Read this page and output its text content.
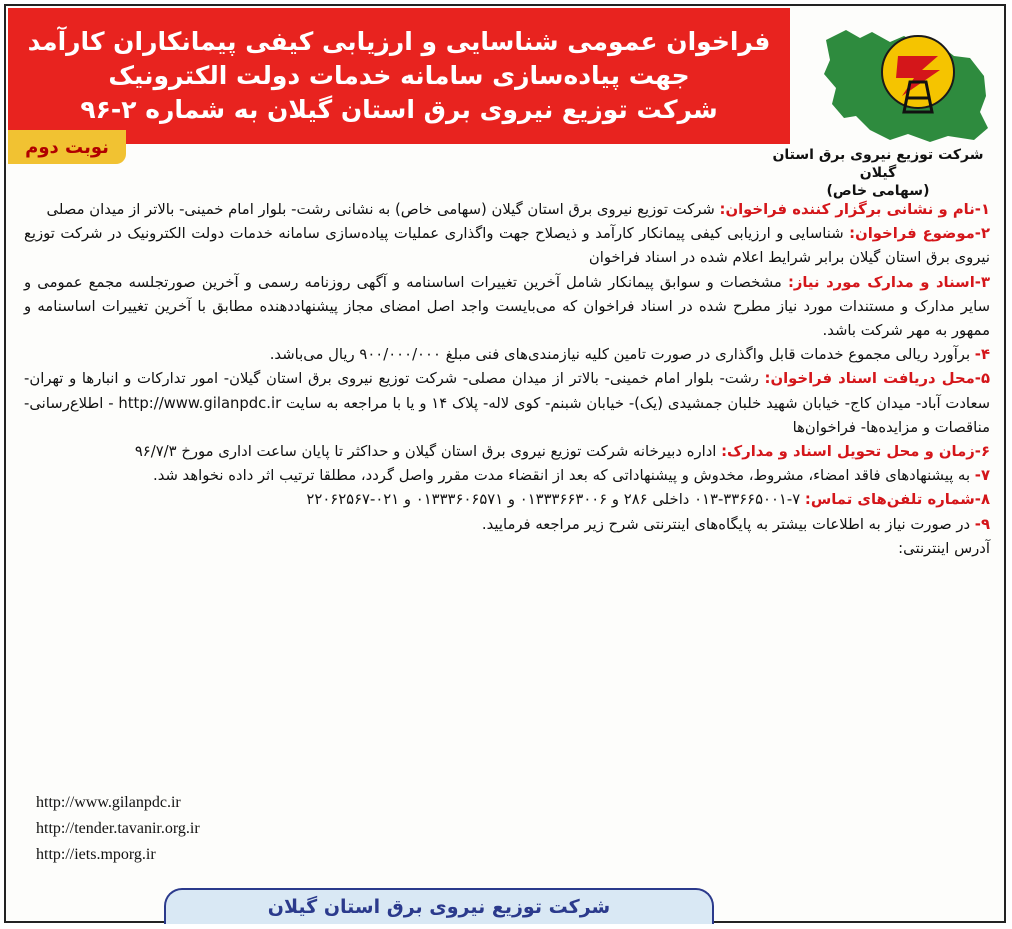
فراخوان عمومی شناسایی و ارزیابی کیفی پیمانکاران کارآمد
جهت پیاده‌سازی سامانه خدمات دولت الکترونیک
شرکت توزیع نیروی برق استان گیلان به شماره ۲-۹۶
نوبت دوم	شرکت توزیع نیروی برق استان گیلان
(سهامی خاص)

۱-نام و نشانی برگزار کننده فراخوان: شرکت توزیع نیروی برق استان گیلان (سهامی خاص) به نشانی رشت- بلوار امام خمینی- بالاتر از میدان مصلی

۲-موضوع فراخوان: شناسایی و ارزیابی کیفی پیمانکار کارآمد و ذیصلاح جهت واگذاری عملیات پیاده‌سازی سامانه خدمات دولت الکترونیک در شرکت توزیع نیروی برق استان گیلان برابر شرایط اعلام شده در اسناد فراخوان

۳-اسناد و مدارک مورد نیاز: مشخصات و سوابق پیمانکار شامل آخرین تغییرات اساسنامه و آگهی روزنامه رسمی و آخرین صورتجلسه مجمع عمومی و سایر مدارک و مستندات مورد نیاز مطرح شده در اسناد فراخوان که می‌بایست واجد اصل امضای مجاز پیشنهاددهنده مطابق با آخرین تغییرات اساسنامه و ممهور به مهر شرکت باشد.

۴- برآورد ریالی مجموع خدمات قابل واگذاری در صورت تامین کلیه نیازمندی‌های فنی مبلغ ۹۰۰/۰۰۰/۰۰۰ ریال می‌باشد.

۵-محل دریافت اسناد فراخوان: رشت- بلوار امام خمینی- بالاتر از میدان مصلی- شرکت توزیع نیروی برق استان گیلان- امور تدارکات و انبارها و تهران- سعادت آباد- میدان کاج- خیابان شهید خلبان جمشیدی (یک)- خیابان شبنم- کوی لاله- پلاک ۱۴ و یا با مراجعه به سایت http://www.gilanpdc.ir - اطلاع‌رسانی- مناقصات و مزایده‌ها- فراخوان‌ها

۶-زمان و محل تحویل اسناد و مدارک: اداره دبیرخانه شرکت توزیع نیروی برق استان گیلان و حداکثر تا پایان ساعت اداری مورخ ۹۶/۷/۳

۷- به پیشنهادهای فاقد امضاء، مشروط، مخدوش و پیشنهاداتی که بعد از انقضاء مدت مقرر واصل گردد، مطلقا ترتیب اثر داده نخواهد شد.

۸-شماره تلفن‌های تماس: ۷-۳۳۶۶۵۰۰۱-۰۱۳ داخلی ۲۸۶ و ۰۱۳۳۳۶۶۳۰۰۶ و ۰۱۳۳۳۶۰۶۵۷۱ و ۰۲۱-۲۲۰۶۲۵۶۷

۹- در صورت نیاز به اطلاعات بیشتر به پایگاه‌های اینترنتی شرح زیر مراجعه فرمایید.

آدرس اینترنتی:

http://www.gilanpdc.ir
http://tender.tavanir.org.ir
http://iets.mporg.ir
شرکت توزیع نیروی برق استان گیلان
